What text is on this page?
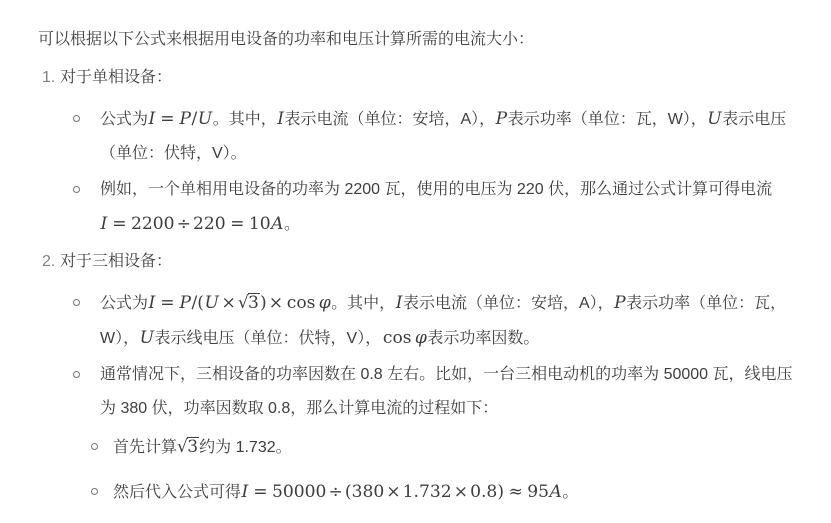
可以根据以下公式来根据用电设备的功率和电压计算所需的电流大小：

1. 对于单相设备：
公式为I = P/U。其中，I表示电流（单位：安培，A），P表示功率（单位：瓦，W），U表示电压（单位：伏特，V）。
例如，一个单相用电设备的功率为 2200 瓦，使用的电压为 220 伏，那么通过公式计算可得电流I = 2200 ÷ 220 = 10A。
2. 对于三相设备：
公式为I = P/(U × √3) × cos φ。其中，I表示电流（单位：安培，A），P表示功率（单位：瓦，W），U表示线电压（单位：伏特，V），cos φ表示功率因数。
通常情况下，三相设备的功率因数在 0.8 左右。比如，一台三相电动机的功率为 50000 瓦，线电压为 380 伏，功率因数取 0.8，那么计算电流的过程如下：
首先计算√3约为 1.732。
然后代入公式可得I = 50000 ÷ (380 × 1.732 × 0.8) ≈ 95A。
